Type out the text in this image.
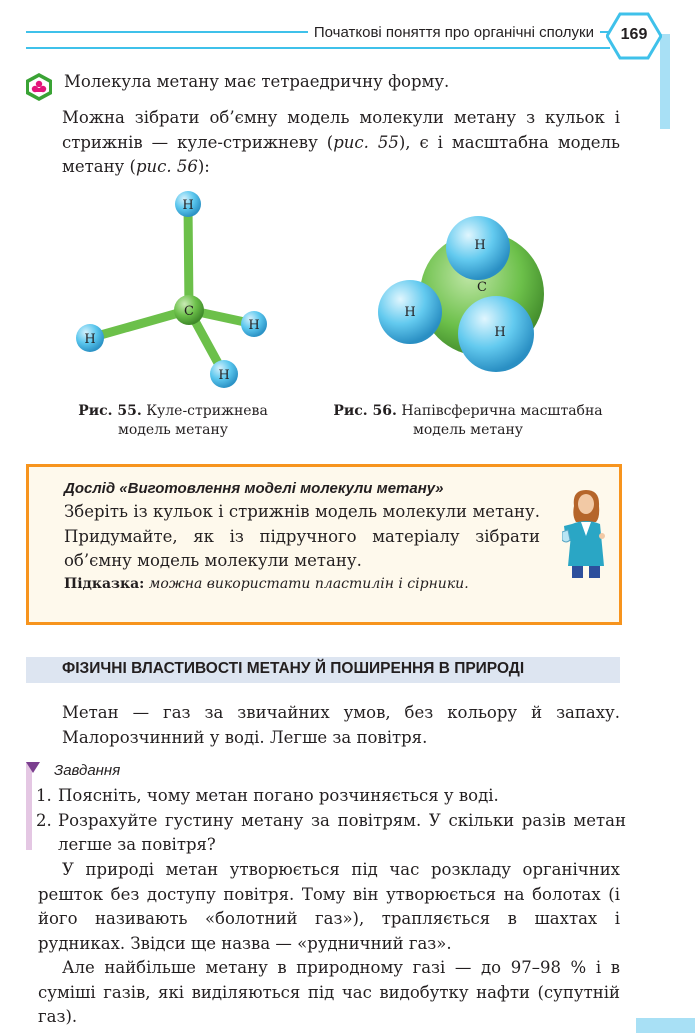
Початкові поняття про органічні сполуки	169
Молекула метану має тетраедричну форму.
Можна зібрати об’ємну модель молекули метану з кульок і стрижнів — куле-стрижневу (рис. 55), є і масштабна модель метану (рис. 56):
H
H
H
H
C
H
C
H
H
Рис. 55. Куле-стрижнева
модель метану
Рис. 56. Напівсферична масштабна
модель метану
Дослід «Виготовлення моделі молекули метану»
Зберіть із кульок і стрижнів модель молекули метану. Придумайте, як із підручного матеріалу зібрати об’ємну модель молекули метану.
Підказка: можна використати пластилін і сірники.
ФІЗИЧНІ ВЛАСТИВОСТІ МЕТАНУ Й ПОШИРЕННЯ В ПРИРОДІ
Метан — газ за звичайних умов, без кольору й запаху. Малорозчинний у воді. Легше за повітря.
Завдання
1. Поясніть, чому метан погано розчиняється у воді.
2. Розрахуйте густину метану за повітрям. У скільки разів метан легше за повітря?
У природі метан утворюється під час розкладу органічних решток без доступу повітря. Тому він утворюється на болотах (і його називають «болотний газ»), трапляється в шахтах і рудниках. Звідси ще назва — «рудничний газ».
Але найбільше метану в природному газі — до 97–98 % і в суміші газів, які виділяються під час видобутку нафти (супутній газ).
